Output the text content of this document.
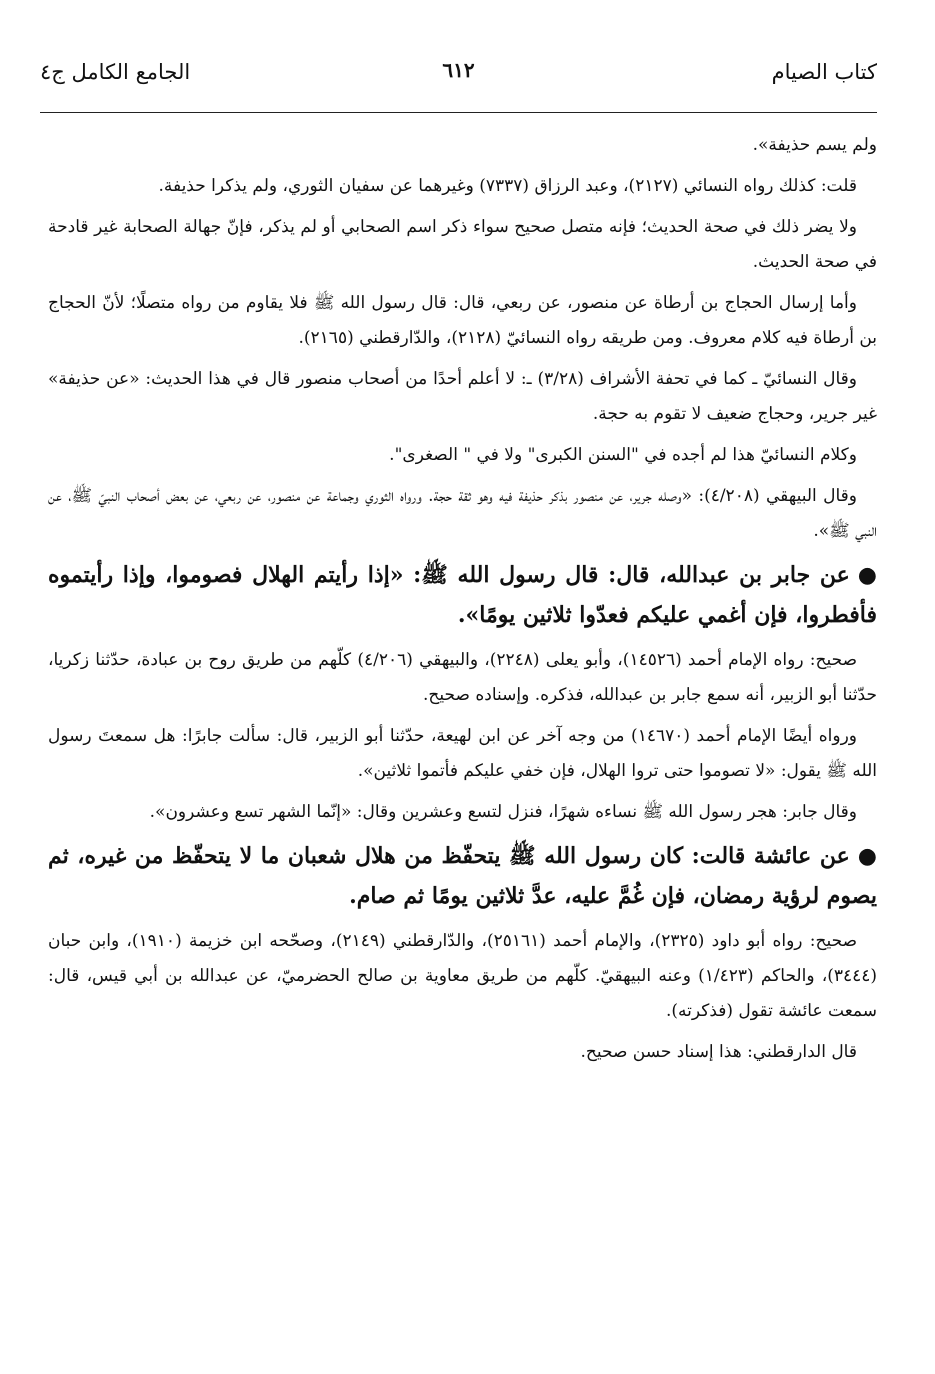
كتاب الصيام
٦١٢
الجامع الكامل ج٤

ولم يسم حذيفة».

قلت: كذلك رواه النسائي (٢١٢٧)، وعبد الرزاق (٧٣٣٧) وغيرهما عن سفيان الثوري، ولم يذكرا حذيفة.

ولا يضر ذلك في صحة الحديث؛ فإنه متصل صحيح سواء ذكر اسم الصحابي أو لم يذكر، فإنّ جهالة الصحابة غير قادحة في صحة الحديث.

وأما إرسال الحجاج بن أرطاة عن منصور، عن ربعي، قال: قال رسول الله ﷺ فلا يقاوم من رواه متصلًا؛ لأنّ الحجاج بن أرطاة فيه كلام معروف. ومن طريقه رواه النسائيّ (٢١٢٨)، والدّارقطني (٢١٦٥).

وقال النسائيّ ـ كما في تحفة الأشراف (٣/٢٨) ـ: لا أعلم أحدًا من أصحاب منصور قال في هذا الحديث: «عن حذيفة» غير جرير، وحجاج ضعيف لا تقوم به حجة.

وكلام النسائيّ هذا لم أجده في "السنن الكبرى" ولا في " الصغرى".

وقال البيهقي (٤/٢٠٨): «وصله جرير، عن منصور بذكر حذيفة فيه وهو ثقة حجة. ورواه الثوري وجماعة عن منصور، عن ربعي، عن بعض أصحاب النبيّ ﷺ، عن النبي ﷺ».

●عن جابر بن عبدالله، قال: قال رسول الله ﷺ: «إذا رأيتم الهلال فصوموا، وإذا رأيتموه فأفطروا، فإن أغمي عليكم فعدّوا ثلاثين يومًا».

صحيح: رواه الإمام أحمد (١٤٥٢٦)، وأبو يعلى (٢٢٤٨)، والبيهقي (٤/٢٠٦) كلّهم من طريق روح بن عبادة، حدّثنا زكريا، حدّثنا أبو الزبير، أنه سمع جابر بن عبدالله، فذكره. وإسناده صحيح.

ورواه أيضًا الإمام أحمد (١٤٦٧٠) من وجه آخر عن ابن لهيعة، حدّثنا أبو الزبير، قال: سألت جابرًا: هل سمعتَ رسول الله ﷺ يقول: «لا تصوموا حتى تروا الهلال، فإن خفي عليكم فأتموا ثلاثين».

وقال جابر: هجر رسول الله ﷺ نساءه شهرًا، فنزل لتسع وعشرين وقال: «إنّما الشهر تسع وعشرون».

●عن عائشة قالت: كان رسول الله ﷺ يتحفّظ من هلال شعبان ما لا يتحفّظ من غيره، ثم يصوم لرؤية رمضان، فإن غُمَّ عليه، عدَّ ثلاثين يومًا ثم صام.

صحيح: رواه أبو داود (٢٣٢٥)، والإمام أحمد (٢٥١٦١)، والدّارقطني (٢١٤٩)، وصحّحه ابن خزيمة (١٩١٠)، وابن حبان (٣٤٤٤)، والحاكم (١/٤٢٣) وعنه البيهقيّ. كلّهم من طريق معاوية بن صالح الحضرميّ، عن عبدالله بن أبي قيس، قال: سمعت عائشة تقول (فذكرته).

قال الدارقطني: هذا إسناد حسن صحيح.
